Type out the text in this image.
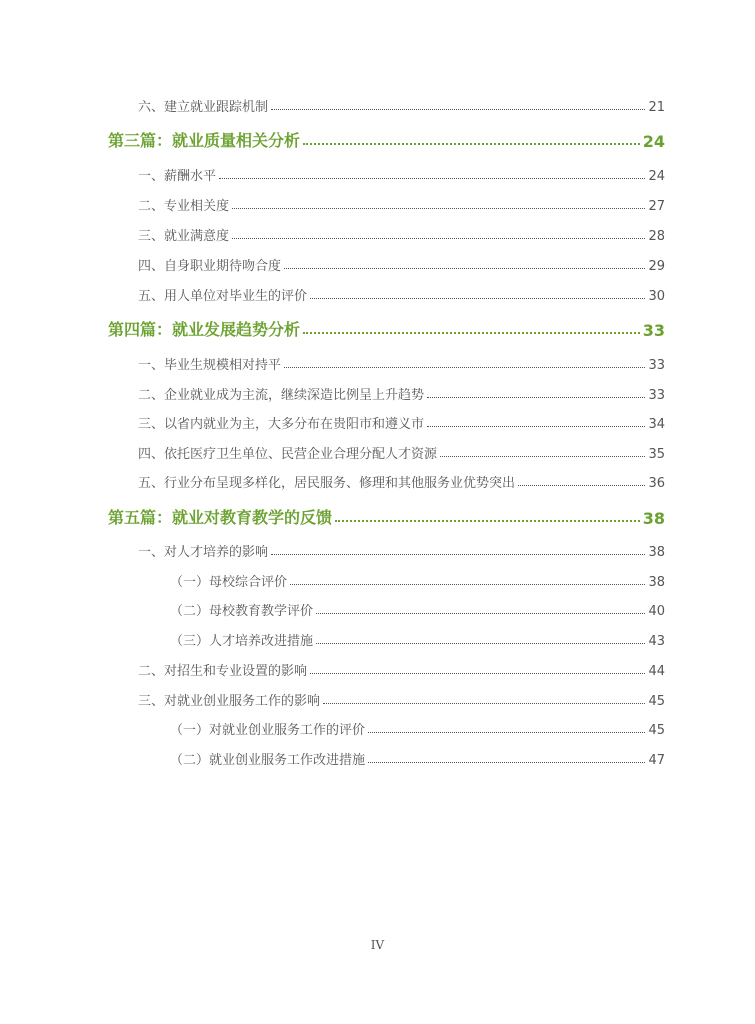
六、建立就业跟踪机制	21
第三篇：就业质量相关分析	24
一、薪酬水平	24
二、专业相关度	27
三、就业满意度	28
四、自身职业期待吻合度	29
五、用人单位对毕业生的评价	30
第四篇：就业发展趋势分析	33
一、毕业生规模相对持平	33
二、企业就业成为主流，继续深造比例呈上升趋势	33
三、以省内就业为主，大多分布在贵阳市和遵义市	34
四、依托医疗卫生单位、民营企业合理分配人才资源	35
五、行业分布呈现多样化，居民服务、修理和其他服务业优势突出	36
第五篇：就业对教育教学的反馈	38
一、对人才培养的影响	38
（一）母校综合评价	38
（二）母校教育教学评价	40
（三）人才培养改进措施	43
二、对招生和专业设置的影响	44
三、对就业创业服务工作的影响	45
（一）对就业创业服务工作的评价	45
（二）就业创业服务工作改进措施	47
IV
